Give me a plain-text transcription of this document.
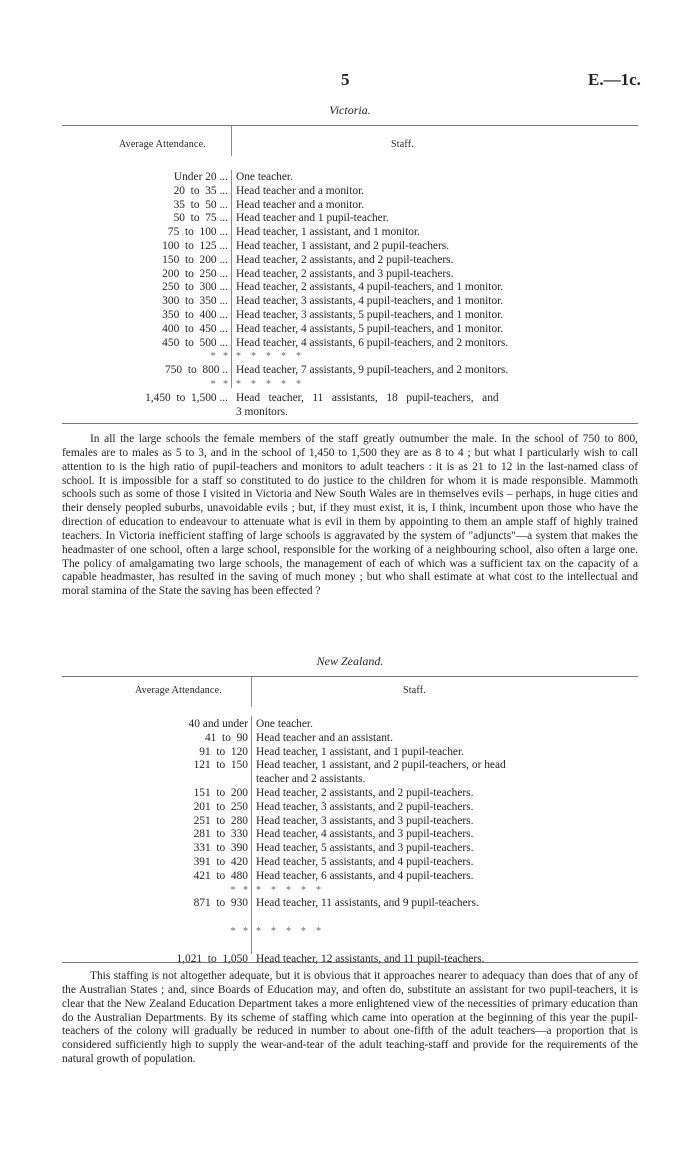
5	E.—1c.
Victoria.
Average Attendance.	Staff.
Under 20 ... One teacher.
20  to  35 ... Head teacher and a monitor.
35  to  50 ... Head teacher and a monitor.
50  to  75 ... Head teacher and 1 pupil-teacher.
75  to  100 ... Head teacher, 1 assistant, and 1 monitor.
100  to  125 ... Head teacher, 1 assistant, and 2 pupil-teachers.
150  to  200 ... Head teacher, 2 assistants, and 2 pupil-teachers.
200  to  250 ... Head teacher, 2 assistants, and 3 pupil-teachers.
250  to  300 ... Head teacher, 2 assistants, 4 pupil-teachers, and 1 monitor.
300  to  350 ... Head teacher, 3 assistants, 4 pupil-teachers, and 1 monitor.
350  to  400 ... Head teacher, 3 assistants, 5 pupil-teachers, and 1 monitor.
400  to  450 ... Head teacher, 4 assistants, 5 pupil-teachers, and 1 monitor.
450  to  500 ... Head teacher, 4 assistants, 6 pupil-teachers, and 2 monitors.
*   * *    *    *    *    *
750  to  800 .. Head teacher, 7 assistants, 9 pupil-teachers, and 2 monitors.
*   * *    *    *    *    *
1,450  to  1,500 ... Head   teacher,   11   assistants,   18   pupil-teachers,   and
3 monitors.
In all the large schools the female members of the staff greatly outnumber the male. In the school of 750 to 800, females are to males as 5 to 3, and in the school of 1,450 to 1,500 they are as 8 to 4 ; but what I particularly wish to call attention to is the high ratio of pupil-teachers and monitors to adult teachers : it is as 21 to 12 in the last-named class of school. It is impossible for a staff so constituted to do justice to the children for whom it is made responsible. Mammoth schools such as some of those I visited in Victoria and New South Wales are in themselves evils – perhaps, in huge cities and their densely peopled suburbs, unavoidable evils ; but, if they must exist, it is, I think, incumbent upon those who have the direction of education to endeavour to attenuate what is evil in them by appointing to them an ample staff of highly trained teachers. In Victoria inefficient staffing of large schools is aggravated by the system of "adjuncts"—a system that makes the headmaster of one school, often a large school, responsible for the working of a neighbouring school, also often a large one. The policy of amalgamating two large schools, the management of each of which was a sufficient tax on the capacity of a capable headmaster, has resulted in the saving of much money ; but who shall estimate at what cost to the intellectual and moral stamina of the State the saving has been effected ?
New Zealand.
Average Attendance.	Staff.
40 and under One teacher.
41  to  90 Head teacher and an assistant.
91  to  120 Head teacher, 1 assistant, and 1 pupil-teacher.
121  to  150 Head teacher, 1 assistant, and 2 pupil-teachers, or head
teacher and 2 assistants.
151  to  200 Head teacher, 2 assistants, and 2 pupil-teachers.
201  to  250 Head teacher, 3 assistants, and 2 pupil-teachers.
251  to  280 Head teacher, 3 assistants, and 3 pupil-teachers.
281  to  330 Head teacher, 4 assistants, and 3 pupil-teachers.
331  to  390 Head teacher, 5 assistants, and 3 pupil-teachers.
391  to  420 Head teacher, 5 assistants, and 4 pupil-teachers.
421  to  480 Head teacher, 6 assistants, and 4 pupil-teachers.
*   * *    *    *    *    *
871  to  930 Head teacher, 11 assistants, and 9 pupil-teachers.
*   * *    *    *    *    *
1,021  to  1,050 Head teacher, 12 assistants, and 11 pupil-teachers.
This staffing is not altogether adequate, but it is obvious that it approaches nearer to adequacy than does that of any of the Australian States ; and, since Boards of Education may, and often do, substitute an assistant for two pupil-teachers, it is clear that the New Zealand Education Department takes a more enlightened view of the necessities of primary education than do the Australian Departments. By its scheme of staffing which came into operation at the beginning of this year the pupil-teachers of the colony will gradually be reduced in number to about one-fifth of the adult teachers—a proportion that is considered sufficiently high to supply the wear-and-tear of the adult teaching-staff and provide for the requirements of the natural growth of population.
